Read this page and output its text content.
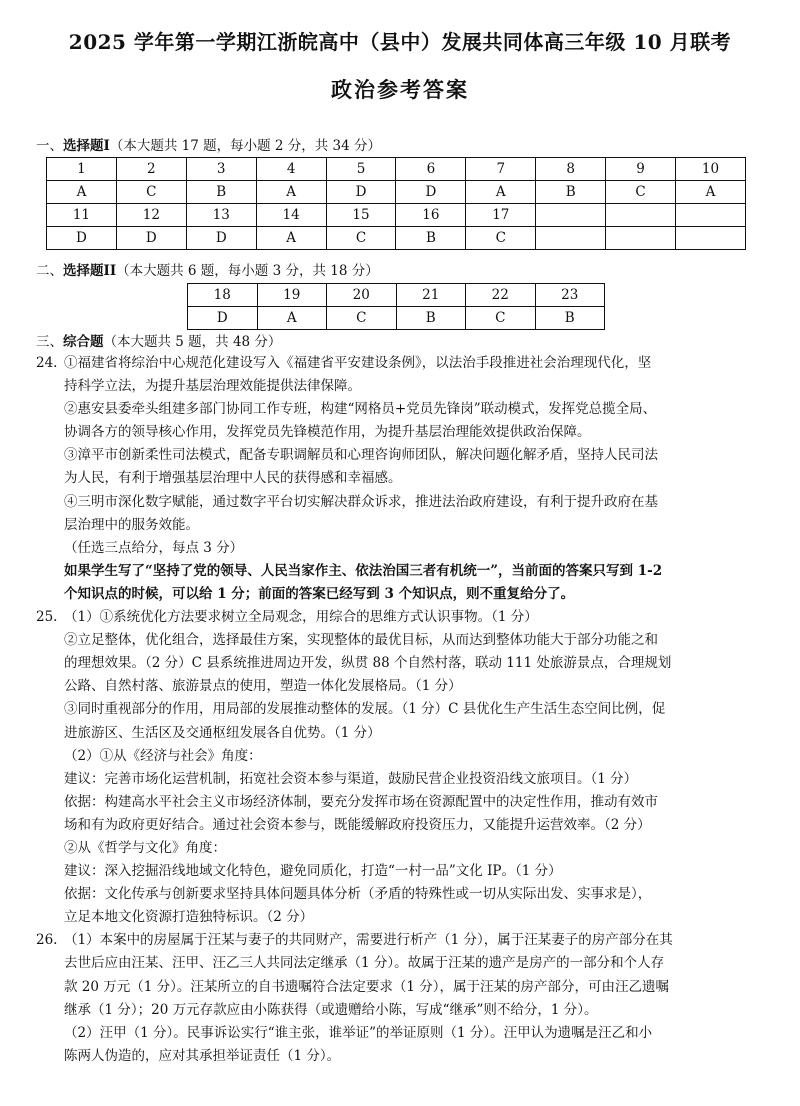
2025 学年第一学期江浙皖高中（县中）发展共同体高三年级 10 月联考
政治参考答案
一、选择题I（本大题共 17 题，每小题 2 分，共 34 分）
1	2	3	4	5	6	7	8	9	10
A	C	B	A	D	D	A	B	C	A
11	12	13	14	15	16	17			
D	D	D	A	C	B	C			
二、选择题II（本大题共 6 题，每小题 3 分，共 18 分）
18	19	20	21	22	23
D	A	C	B	C	B
三、综合题（本大题共 5 题，共 48 分）
24. ①福建省将综治中心规范化建设写入《福建省平安建设条例》，以法治手段推进社会治理现代化，坚
持科学立法，为提升基层治理效能提供法律保障。
②惠安县委牵头组建多部门协同工作专班，构建“网格员+党员先锋岗”联动模式，发挥党总揽全局、
协调各方的领导核心作用，发挥党员先锋模范作用，为提升基层治理能效提供政治保障。
③漳平市创新柔性司法模式，配备专职调解员和心理咨询师团队，解决问题化解矛盾，坚持人民司法
为人民，有利于增强基层治理中人民的获得感和幸福感。
④三明市深化数字赋能，通过数字平台切实解决群众诉求，推进法治政府建设，有利于提升政府在基
层治理中的服务效能。
（任选三点给分，每点 3 分）
如果学生写了“坚持了党的领导、人民当家作主、依法治国三者有机统一”，当前面的答案只写到 1-2
个知识点的时候，可以给 1 分；前面的答案已经写到 3 个知识点，则不重复给分了。
25. （1）①系统优化方法要求树立全局观念，用综合的思维方式认识事物。（1 分）
②立足整体，优化组合，选择最佳方案，实现整体的最优目标，从而达到整体功能大于部分功能之和
的理想效果。（2 分）C 县系统推进周边开发，纵贯 88 个自然村落，联动 111 处旅游景点，合理规划
公路、自然村落、旅游景点的使用，塑造一体化发展格局。（1 分）
③同时重视部分的作用，用局部的发展推动整体的发展。（1 分）C 县优化生产生活生态空间比例，促
进旅游区、生活区及交通枢纽发展各自优势。（1 分）
（2）①从《经济与社会》角度：
建议：完善市场化运营机制，拓宽社会资本参与渠道，鼓励民营企业投资沿线文旅项目。（1 分）
依据：构建高水平社会主义市场经济体制，要充分发挥市场在资源配置中的决定性作用，推动有效市
场和有为政府更好结合。通过社会资本参与，既能缓解政府投资压力，又能提升运营效率。（2 分）
②从《哲学与文化》角度：
建议：深入挖掘沿线地域文化特色，避免同质化，打造“一村一品”文化 IP。（1 分）
依据：文化传承与创新要求坚持具体问题具体分析（矛盾的特殊性或一切从实际出发、实事求是），
立足本地文化资源打造独特标识。（2 分）
26. （1）本案中的房屋属于汪某与妻子的共同财产，需要进行析产（1 分），属于汪某妻子的房产部分在其
去世后应由汪某、汪甲、汪乙三人共同法定继承（1 分）。故属于汪某的遗产是房产的一部分和个人存
款 20 万元（1 分）。汪某所立的自书遗嘱符合法定要求（1 分），属于汪某的房产部分，可由汪乙遗嘱
继承（1 分）；20 万元存款应由小陈获得（或遗赠给小陈，写成“继承”则不给分，1 分）。
（2）汪甲（1 分）。民事诉讼实行“谁主张，谁举证”的举证原则（1 分）。汪甲认为遗嘱是汪乙和小
陈两人伪造的，应对其承担举证责任（1 分）。
